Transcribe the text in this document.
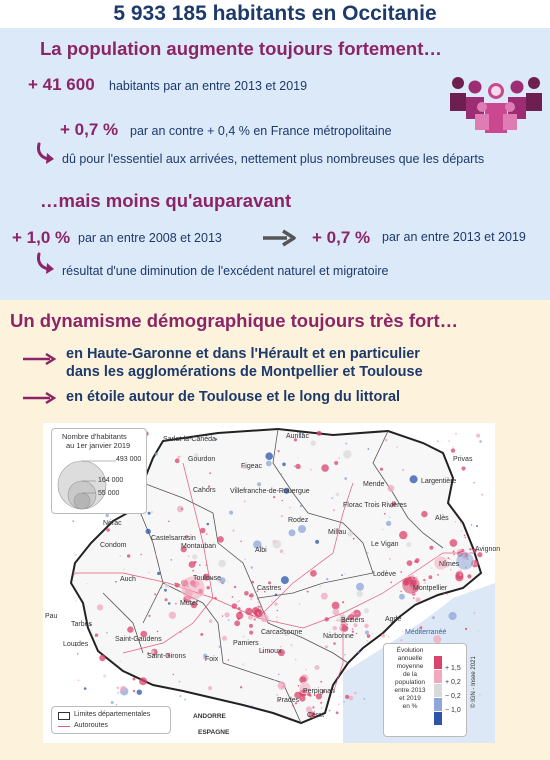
5 933 185 habitants en Occitanie
La population augmente toujours fortement…
+ 41 600 habitants par an entre 2013 et 2019
+ 0,7 % par an contre + 0,4 % en France métropolitaine
dû pour l'essentiel aux arrivées, nettement plus nombreuses que les départs
…mais moins qu'auparavant
+ 1,0 % par an entre 2008 et 2013	+ 0,7 % par an entre 2013 et 2019
résultat d'une diminution de l'excédent naturel et migratoire
Un dynamisme démographique toujours très fort…
en Haute-Garonne et dans l'Hérault et en particulier
dans les agglomérations de Montpellier et Toulouse
en étoile autour de Toulouse et le long du littoral
Nombre d'habitants
au 1er janvier 2019
493 000
164 000
55 000
Limites départementales
Autoroutes
Évolution
annuelle
moyenne
de la
population
entre 2013
et 2019
en %
+ 1,5
+ 0,2
− 0,2
− 1,0
Méditerranée
ANDORRE
ESPAGNE
© IGN - Insee 2021
Sarlat-la-Canéda	Aurillac
Privas
Gourdon
Figeac
Mende	Largentière
Cahors Villefranche-de-Rouergue
Florac Trois Rivières
Nérac	Rodez
Millau
Alès
Condom
Castelsarrasin
Montauban
Albi
Le Vigan
Avignon
Nîmes
Lodève
Auch	Toulouse
Castres	Montpellier
Muret
Béziers
Pau
Tarbes
Carcassonne
Narbonne
Saint-Gaudens
Pamiers
Limoux
Lourdes
Saint-Girons	Foix
Perpignan
Prades
Céret
Agde
